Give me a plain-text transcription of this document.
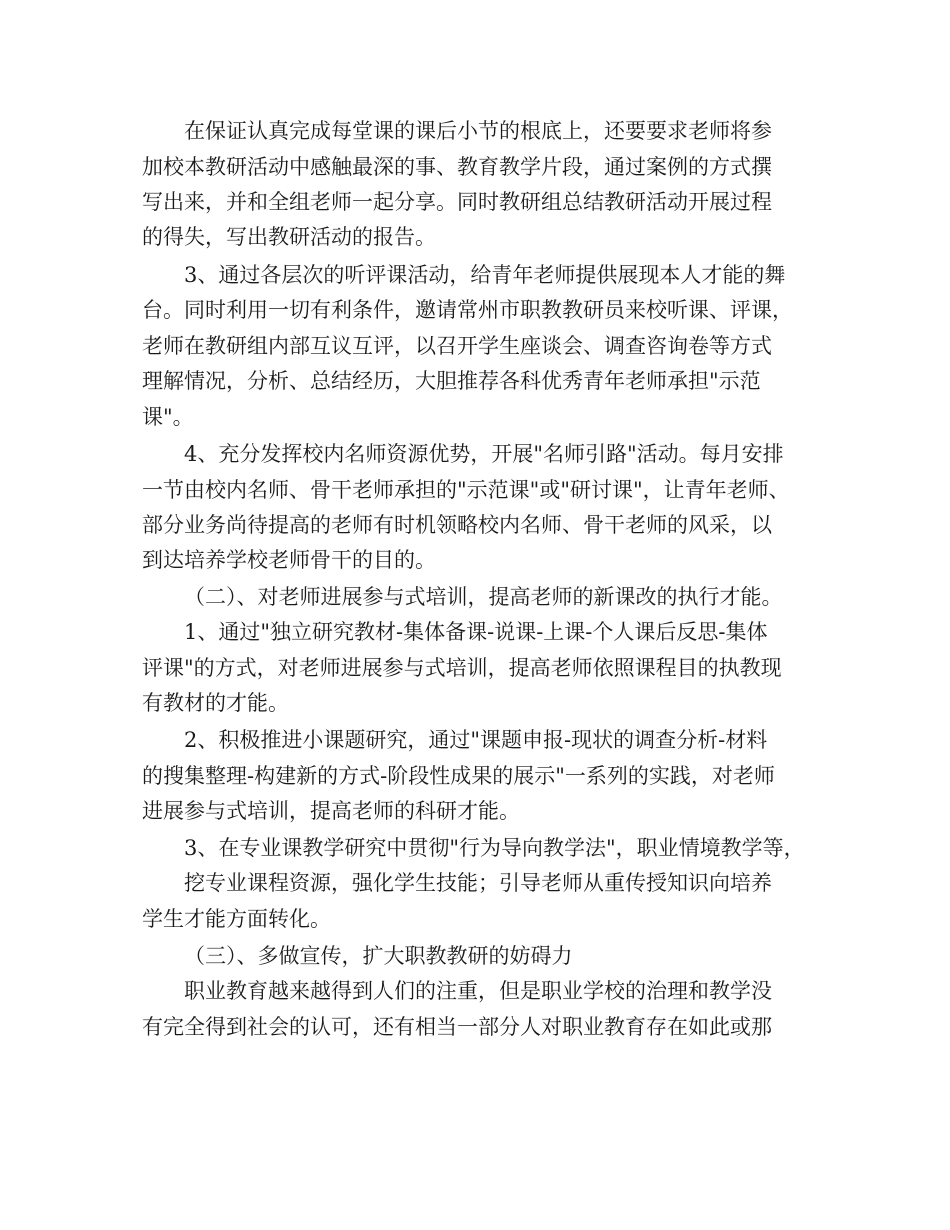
在保证认真完成每堂课的课后小节的根底上，还要要求老师将参
加校本教研活动中感触最深的事、教育教学片段，通过案例的方式撰
写出来，并和全组老师一起分享。同时教研组总结教研活动开展过程
的得失，写出教研活动的报告。
3、通过各层次的听评课活动，给青年老师提供展现本人才能的舞
台。同时利用一切有利条件，邀请常州市职教教研员来校听课、评课，
老师在教研组内部互议互评，以召开学生座谈会、调查咨询卷等方式
理解情况，分析、总结经历，大胆推荐各科优秀青年老师承担"示范
课"。
4、充分发挥校内名师资源优势，开展"名师引路"活动。每月安排
一节由校内名师、骨干老师承担的"示范课"或"研讨课"，让青年老师、
部分业务尚待提高的老师有时机领略校内名师、骨干老师的风采，以
到达培养学校老师骨干的目的。
（二）、对老师进展参与式培训，提高老师的新课改的执行才能。
1、通过"独立研究教材-集体备课-说课-上课-个人课后反思-集体
评课"的方式，对老师进展参与式培训，提高老师依照课程目的执教现
有教材的才能。
2、积极推进小课题研究，通过"课题申报-现状的调查分析-材料
的搜集整理-构建新的方式-阶段性成果的展示"一系列的实践，对老师
进展参与式培训，提高老师的科研才能。
3、在专业课教学研究中贯彻"行为导向教学法"，职业情境教学等，
挖专业课程资源，强化学生技能；引导老师从重传授知识向培养
学生才能方面转化。
（三）、多做宣传，扩大职教教研的妨碍力
职业教育越来越得到人们的注重，但是职业学校的治理和教学没
有完全得到社会的认可，还有相当一部分人对职业教育存在如此或那
